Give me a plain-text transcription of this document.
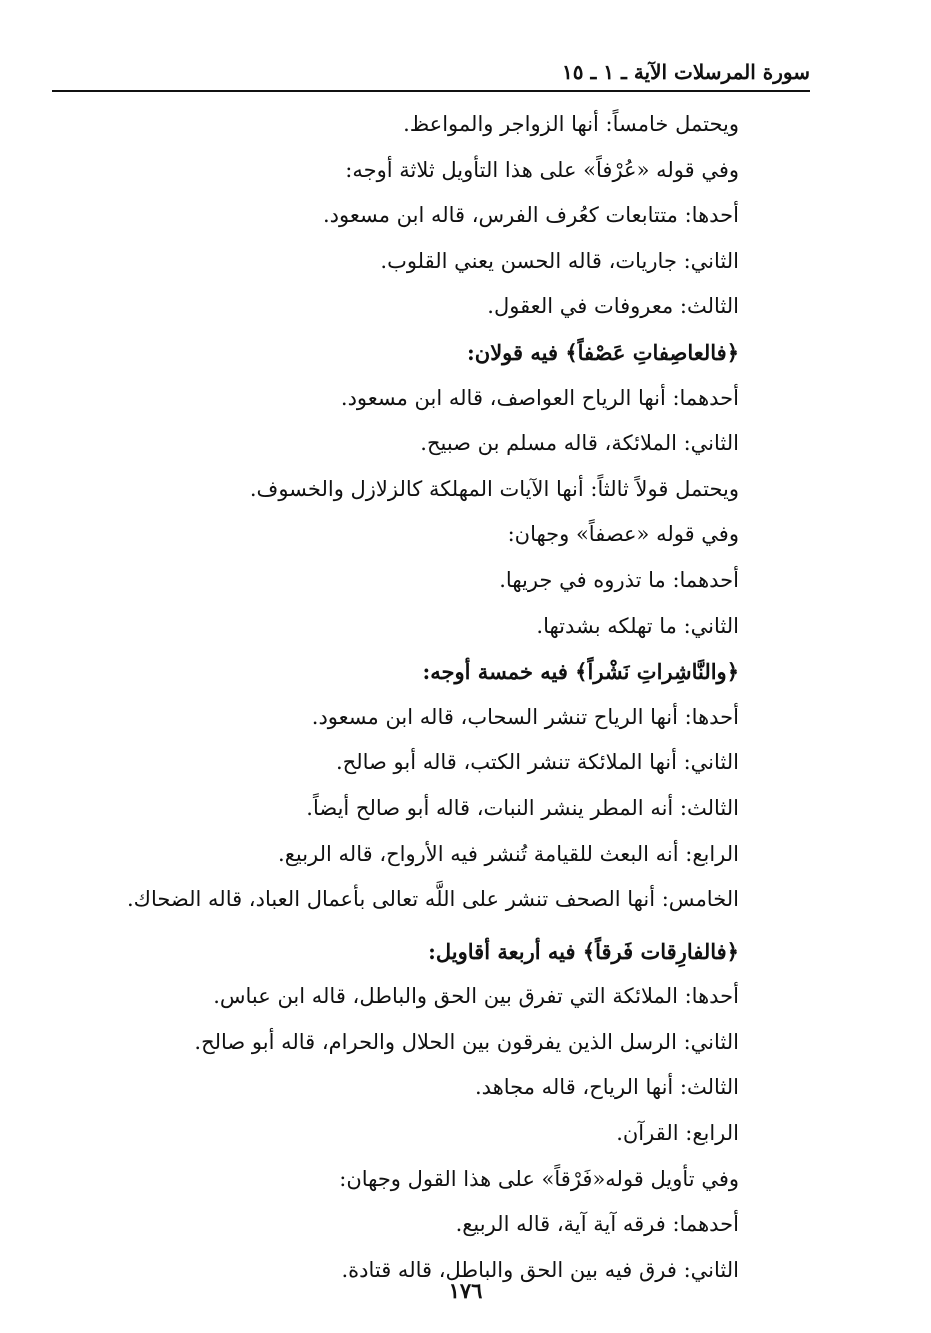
سورة المرسلات الآية ـ ١ ـ ١٥
ويحتمل خامساً: أنها الزواجر والمواعظ.
وفي قوله «عُرْفاً» على هذا التأويل ثلاثة أوجه:
أحدها: متتابعات كعُرف الفرس، قاله ابن مسعود.
الثاني: جاريات، قاله الحسن يعني القلوب.
الثالث: معروفات في العقول.
﴿فالعاصِفاتِ عَصْفاً﴾ فيه قولان:
أحدهما: أنها الرياح العواصف، قاله ابن مسعود.
الثاني: الملائكة، قاله مسلم بن صبيح.
ويحتمل قولاً ثالثاً: أنها الآيات المهلكة كالزلازل والخسوف.
وفي قوله «عصفاً» وجهان:
أحدهما: ما تذروه في جريها.
الثاني: ما تهلكه بشدتها.
﴿والنَّاشِراتِ نَشْراً﴾ فيه خمسة أوجه:
أحدها: أنها الرياح تنشر السحاب، قاله ابن مسعود.
الثاني: أنها الملائكة تنشر الكتب، قاله أبو صالح.
الثالث: أنه المطر ينشر النبات، قاله أبو صالح أيضاً.
الرابع: أنه البعث للقيامة تُنشر فيه الأرواح، قاله الربيع.
الخامس: أنها الصحف تنشر على اللَّه تعالى بأعمال العباد، قاله الضحاك.
﴿فالفارِقات فَرقاً﴾ فيه أربعة أقاويل:
أحدها: الملائكة التي تفرق بين الحق والباطل، قاله ابن عباس.
الثاني: الرسل الذين يفرقون بين الحلال والحرام، قاله أبو صالح.
الثالث: أنها الرياح، قاله مجاهد.
الرابع: القرآن.
وفي تأويل قوله«فَرْقاً» على هذا القول وجهان:
أحدهما: فرقه آية آية، قاله الربيع.
الثاني: فرق فيه بين الحق والباطل، قاله قتادة.
١٧٦
